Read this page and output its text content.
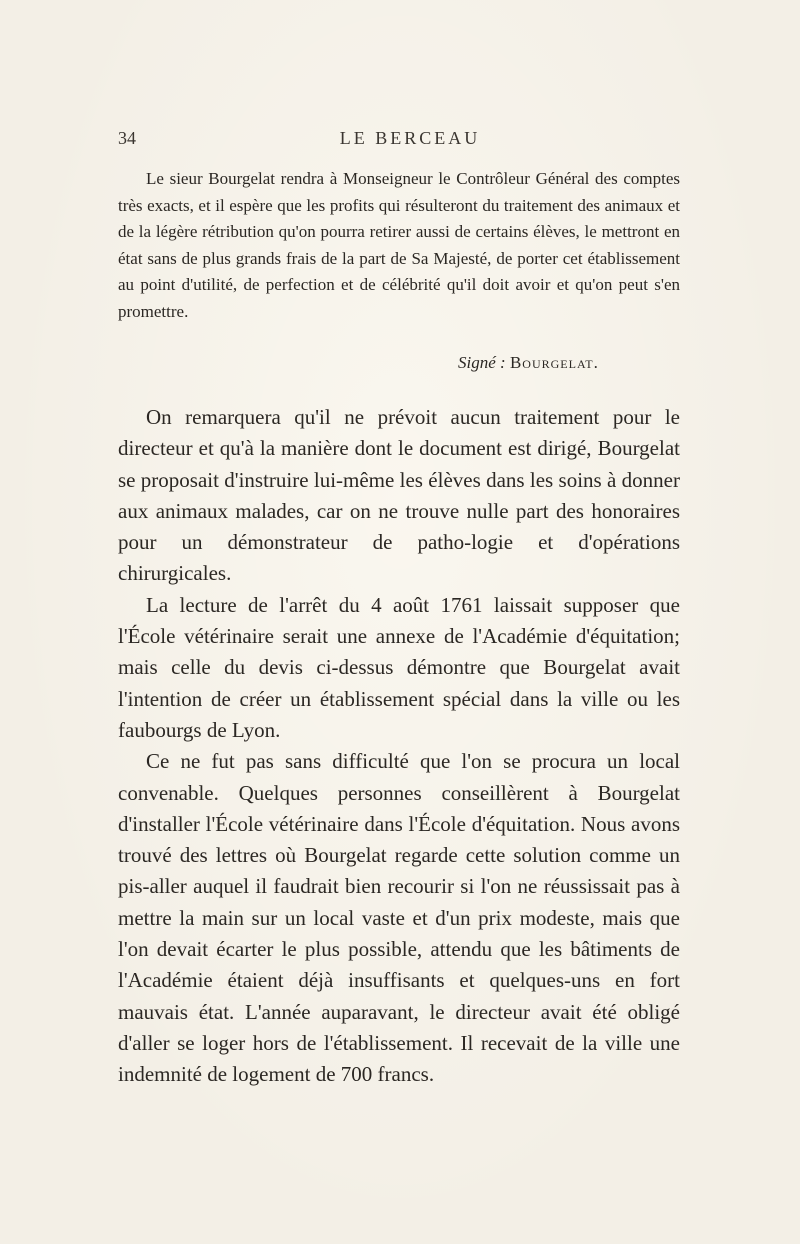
34	LE BERCEAU

Le sieur Bourgelat rendra à Monseigneur le Contrôleur Général des comptes très exacts, et il espère que les profits qui résulteront du traitement des animaux et de la légère rétribution qu'on pourra retirer aussi de certains élèves, le mettront en état sans de plus grands frais de la part de Sa Majesté, de porter cet établissement au point d'utilité, de perfection et de célébrité qu'il doit avoir et qu'on peut s'en promettre.

Signé : Bourgelat.

On remarquera qu'il ne prévoit aucun traitement pour le directeur et qu'à la manière dont le document est dirigé, Bourgelat se proposait d'instruire lui-même les élèves dans les soins à donner aux animaux malades, car on ne trouve nulle part des honoraires pour un démonstrateur de patho-logie et d'opérations chirurgicales.

La lecture de l'arrêt du 4 août 1761 laissait supposer que l'École vétérinaire serait une annexe de l'Académie d'équitation; mais celle du devis ci-dessus démontre que Bourgelat avait l'intention de créer un établissement spécial dans la ville ou les faubourgs de Lyon.

Ce ne fut pas sans difficulté que l'on se procura un local convenable. Quelques personnes conseillèrent à Bourgelat d'installer l'École vétérinaire dans l'École d'équitation. Nous avons trouvé des lettres où Bourgelat regarde cette solution comme un pis-aller auquel il faudrait bien recourir si l'on ne réussissait pas à mettre la main sur un local vaste et d'un prix modeste, mais que l'on devait écarter le plus possible, attendu que les bâtiments de l'Académie étaient déjà insuffisants et quelques-uns en fort mauvais état. L'année auparavant, le directeur avait été obligé d'aller se loger hors de l'établissement. Il recevait de la ville une indemnité de logement de 700 francs.
